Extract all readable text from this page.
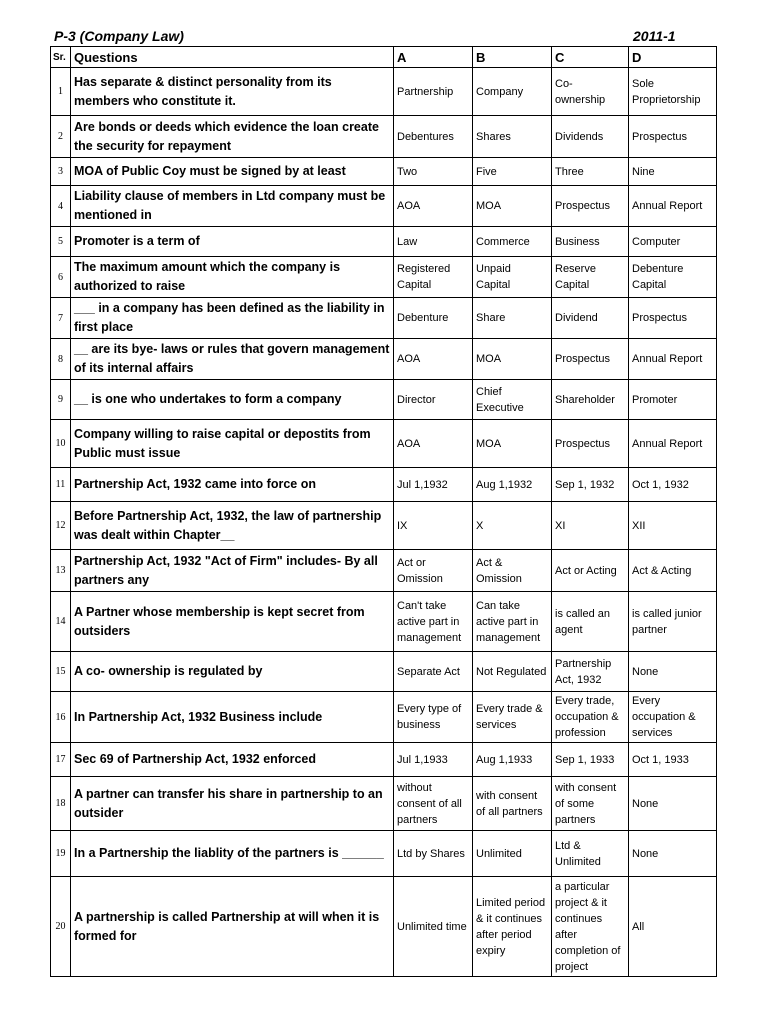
P-3 (Company Law)	2011-1
Sr.	Questions	A	B	C	D
1	Has separate & distinct personality from its members who constitute it.	Partnership	Company	Co- ownership	Sole Proprietorship
2	Are bonds or deeds which evidence the loan create the security for repayment	Debentures	Shares	Dividends	Prospectus
3	MOA of Public Coy must be signed by at least	Two	Five	Three	Nine
4	Liability clause of members in Ltd company must be mentioned in	AOA	MOA	Prospectus	Annual Report
5	Promoter is a term of	Law	Commerce	Business	Computer
6	The maximum amount which the company is authorized to raise	Registered Capital	Unpaid Capital	Reserve Capital	Debenture Capital
7	___ in a company has been defined as the liability in first place	Debenture	Share	Dividend	Prospectus
8	__ are its bye- laws or rules that govern management of its internal affairs	AOA	MOA	Prospectus	Annual Report
9	__ is one who undertakes to form a company	Director	Chief Executive	Shareholder	Promoter
10	Company willing to raise capital or depostits from Public must issue	AOA	MOA	Prospectus	Annual Report
11	Partnership Act, 1932 came into force on	Jul 1,1932	Aug 1,1932	Sep 1, 1932	Oct 1, 1932
12	Before Partnership Act, 1932, the law of partnership was dealt within Chapter__	IX	X	XI	XII
13	Partnership Act, 1932 "Act of Firm" includes- By all partners any	Act or Omission	Act & Omission	Act or Acting	Act & Acting
14	A Partner whose membership is kept secret from outsiders	Can't take active part in management	Can take active part in management	is called an agent	is called junior partner
15	A co- ownership is regulated by	Separate Act	Not Regulated	Partnership Act, 1932	None
16	In Partnership Act, 1932 Business include	Every type of business	Every trade & services	Every trade, occupation & profession	Every occupation & services
17	Sec 69 of Partnership Act, 1932 enforced	Jul 1,1933	Aug 1,1933	Sep 1, 1933	Oct 1, 1933
18	A partner can transfer his share in partnership to an outsider	without consent of all partners	with consent of all partners	with consent of some partners	None
19	In a Partnership the liablity of the partners is ______	Ltd by Shares	Unlimited	Ltd & Unlimited	None
20	A partnership is called Partnership at will when it is formed for	Unlimited time	Limited period & it continues after period expiry	a particular project & it continues after completion of project	All
